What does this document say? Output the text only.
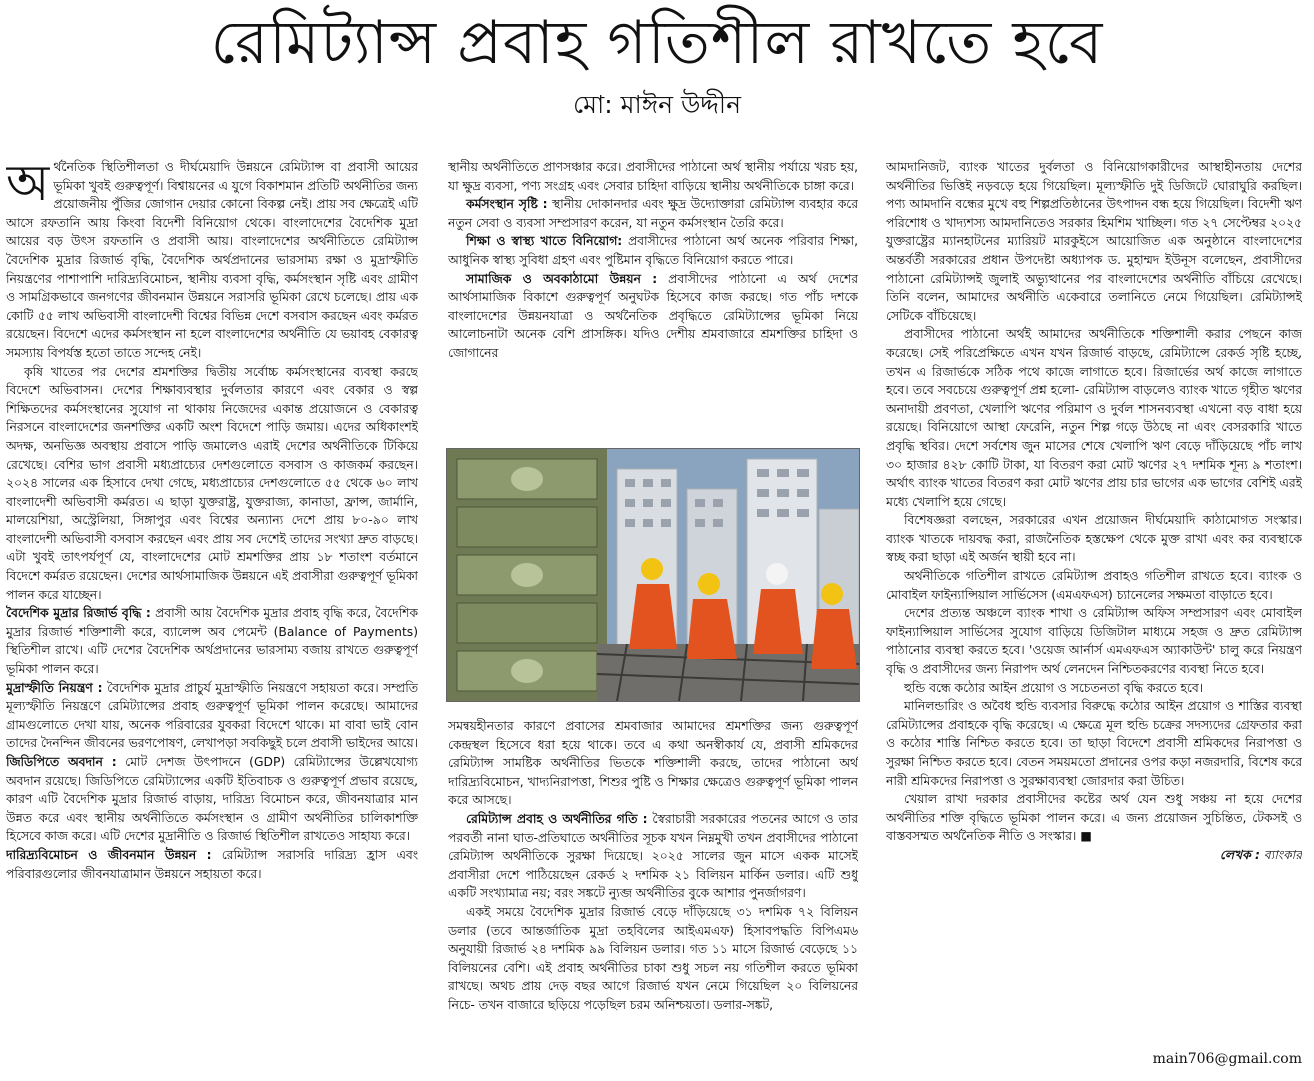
রেমিট্যান্স প্রবাহ গতিশীল রাখতে হবে
মো: মাঈন উদ্দীন

অর্থনৈতিক স্থিতিশীলতা ও দীর্ঘমেয়াদি উন্নয়নে রেমিট্যান্স বা প্রবাসী আয়ের ভূমিকা খুবই গুরুত্বপূর্ণ। বিশ্বায়নের এ যুগে বিকাশমান প্রতিটি অর্থনীতির জন্য প্রয়োজনীয় পুঁজির জোগান দেয়ার কোনো বিকল্প নেই। প্রায় সব ক্ষেত্রেই এটি আসে রফতানি আয় কিংবা বিদেশী বিনিয়োগ থেকে। বাংলাদেশের বৈদেশিক মুদ্রা আয়ের বড় উৎস রফতানি ও প্রবাসী আয়। বাংলাদেশের অর্থনীতিতে রেমিট্যান্স বৈদেশিক মুদ্রার রিজার্ভ বৃদ্ধি, বৈদেশিক অর্থপ্রদানের ভারসাম্য রক্ষা ও মুদ্রাস্ফীতি নিয়ন্ত্রণের পাশাপাশি দারিদ্র্যবিমোচন, স্থানীয় ব্যবসা বৃদ্ধি, কর্মসংস্থান সৃষ্টি এবং গ্রামীণ ও সামগ্রিকভাবে জনগণের জীবনমান উন্নয়নে সরাসরি ভূমিকা রেখে চলেছে। প্রায় এক কোটি ৫৫ লাখ অভিবাসী বাংলাদেশী বিশ্বের বিভিন্ন দেশে বসবাস করছেন এবং কর্মরত রয়েছেন। বিদেশে এদের কর্মসংস্থান না হলে বাংলাদেশের অর্থনীতি যে ভয়াবহ বেকারত্ব সমস্যায় বিপর্যস্ত হতো তাতে সন্দেহ নেই।

কৃষি খাতের পর দেশের শ্রমশক্তির দ্বিতীয় সর্বোচ্চ কর্মসংস্থানের ব্যবস্থা করছে বিদেশে অভিবাসন। দেশের শিক্ষাব্যবস্থার দুর্বলতার কারণে এবং বেকার ও স্বল্প শিক্ষিতদের কর্মসংস্থানের সুযোগ না থাকায় নিজেদের একান্ত প্রয়োজনে ও বেকারত্ব নিরসনে বাংলাদেশের জনশক্তির একটি অংশ বিদেশে পাড়ি জমায়। এদের অধিকাংশই অদক্ষ, অনভিজ্ঞ অবস্থায় প্রবাসে পাড়ি জমালেও এরাই দেশের অর্থনীতিকে টিকিয়ে রেখেছে। বেশির ভাগ প্রবাসী মধ্যপ্রাচ্যের দেশগুলোতে বসবাস ও কাজকর্ম করছেন। ২০২৪ সালের এক হিসাবে দেখা গেছে, মধ্যপ্রাচ্যের দেশগুলোতে ৫৫ থেকে ৬০ লাখ বাংলাদেশী অভিবাসী কর্মরত। এ ছাড়া যুক্তরাষ্ট্র, যুক্তরাজ্য, কানাডা, ফ্রান্স, জার্মানি, মালয়েশিয়া, অস্ট্রেলিয়া, সিঙ্গাপুর এবং বিশ্বের অন্যান্য দেশে প্রায় ৮০-৯০ লাখ বাংলাদেশী অভিবাসী বসবাস করছেন এবং প্রায় সব দেশেই তাদের সংখ্যা দ্রুত বাড়ছে। এটা খুবই তাৎপর্যপূর্ণ যে, বাংলাদেশের মোট শ্রমশক্তির প্রায় ১৮ শতাংশ বর্তমানে বিদেশে কর্মরত রয়েছেন। দেশের আর্থসামাজিক উন্নয়নে এই প্রবাসীরা গুরুত্বপূর্ণ ভূমিকা পালন করে যাচ্ছেন।

বৈদেশিক মুদ্রার রিজার্ভ বৃদ্ধি : প্রবাসী আয় বৈদেশিক মুদ্রার প্রবাহ বৃদ্ধি করে, বৈদেশিক মুদ্রার রিজার্ভ শক্তিশালী করে, ব্যালেন্স অব পেমেন্ট (Balance of Payments) স্থিতিশীল রাখে। এটি দেশের বৈদেশিক অর্থপ্রদানের ভারসাম্য বজায় রাখতে গুরুত্বপূর্ণ ভূমিকা পালন করে।

মুদ্রাস্ফীতি নিয়ন্ত্রণ : বৈদেশিক মুদ্রার প্রাচুর্য মুদ্রাস্ফীতি নিয়ন্ত্রণে সহায়তা করে। সম্প্রতি মূল্যস্ফীতি নিয়ন্ত্রণে রেমিট্যান্সের প্রবাহ গুরুত্বপূর্ণ ভূমিকা পালন করেছে। আমাদের গ্রামগুলোতে দেখা যায়, অনেক পরিবারের যুবকরা বিদেশে থাকে। মা বাবা ভাই বোন তাদের দৈনন্দিন জীবনের ভরণপোষণ, লেখাপড়া সবকিছুই চলে প্রবাসী ভাইদের আয়ে।

জিডিপিতে অবদান : মোট দেশজ উৎপাদনে (GDP) রেমিট্যান্সের উল্লেখযোগ্য অবদান রয়েছে। জিডিপিতে রেমিট্যান্সের একটি ইতিবাচক ও গুরুত্বপূর্ণ প্রভাব রয়েছে, কারণ এটি বৈদেশিক মুদ্রার রিজার্ভ বাড়ায়, দারিদ্র্য বিমোচন করে, জীবনযাত্রার মান উন্নত করে এবং স্থানীয় অর্থনীতিতে কর্মসংস্থান ও গ্রামীণ অর্থনীতির চালিকাশক্তি হিসেবে কাজ করে। এটি দেশের মুদ্রানীতি ও রিজার্ভ স্থিতিশীল রাখতেও সাহায্য করে।

দারিদ্র্যবিমোচন ও জীবনমান উন্নয়ন : রেমিট্যান্স সরাসরি দারিদ্র্য হ্রাস এবং পরিবারগুলোর জীবনযাত্রামান উন্নয়নে সহায়তা করে।

স্থানীয় অর্থনীতিতে প্রাণসঞ্চার করে। প্রবাসীদের পাঠানো অর্থ স্থানীয় পর্যায়ে খরচ হয়, যা ক্ষুদ্র ব্যবসা, পণ্য সংগ্রহ এবং সেবার চাহিদা বাড়িয়ে স্থানীয় অর্থনীতিকে চাঙ্গা করে।

কর্মসংস্থান সৃষ্টি : স্থানীয় দোকানদার এবং ক্ষুদ্র উদ্যোক্তারা রেমিট্যান্স ব্যবহার করে নতুন সেবা ও ব্যবসা সম্প্রসারণ করেন, যা নতুন কর্মসংস্থান তৈরি করে।

শিক্ষা ও স্বাস্থ্য খাতে বিনিয়োগ: প্রবাসীদের পাঠানো অর্থ অনেক পরিবার শিক্ষা, আধুনিক স্বাস্থ্য সুবিধা গ্রহণ এবং পুষ্টিমান বৃদ্ধিতে বিনিয়োগ করতে পারে।

সামাজিক ও অবকাঠামো উন্নয়ন : প্রবাসীদের পাঠানো এ অর্থ দেশের আর্থসামাজিক বিকাশে গুরুত্বপূর্ণ অনুঘটক হিসেবে কাজ করছে। গত পাঁচ দশকে বাংলাদেশের উন্নয়নযাত্রা ও অর্থনৈতিক প্রবৃদ্ধিতে রেমিট্যান্সের ভূমিকা নিয়ে আলোচনাটা অনেক বেশি প্রাসঙ্গিক। যদিও দেশীয় শ্রমবাজারে শ্রমশক্তির চাহিদা ও জোগানের

সমন্বয়হীনতার কারণে প্রবাসের শ্রমবাজার আমাদের শ্রমশক্তির জন্য গুরুত্বপূর্ণ কেন্দ্রস্থল হিসেবে ধরা হয়ে থাকে। তবে এ কথা অনস্বীকার্য যে, প্রবাসী শ্রমিকদের রেমিট্যান্স সামষ্টিক অর্থনীতির ভিতকে শক্তিশালী করছে, তাদের পাঠানো অর্থ দারিদ্র্যবিমোচন, খাদ্যনিরাপত্তা, শিশুর পুষ্টি ও শিক্ষার ক্ষেত্রেও গুরুত্বপূর্ণ ভূমিকা পালন করে আসছে।

রেমিট্যান্স প্রবাহ ও অর্থনীতির গতি : স্বৈরাচারী সরকারের পতনের আগে ও তার পরবর্তী নানা ঘাত-প্রতিঘাতে অর্থনীতির সূচক যখন নিম্নমুখী তখন প্রবাসীদের পাঠানো রেমিট্যান্স অর্থনীতিকে সুরক্ষা দিয়েছে। ২০২৫ সালের জুন মাসে একক মাসেই প্রবাসীরা দেশে পাঠিয়েছেন রেকর্ড ২ দশমিক ২১ বিলিয়ন মার্কিন ডলার। এটি শুধু একটি সংখ্যামাত্র নয়; বরং সঙ্কটে ন্যুব্জ অর্থনীতির বুকে আশার পুনর্জাগরণ।

একই সময়ে বৈদেশিক মুদ্রার রিজার্ভ বেড়ে দাঁড়িয়েছে ৩১ দশমিক ৭২ বিলিয়ন ডলার (তবে আন্তর্জাতিক মুদ্রা তহবিলের আইএমএফ) হিসাবপদ্ধতি বিপিএম৬ অনুযায়ী রিজার্ভ ২৪ দশমিক ৯৯ বিলিয়ন ডলার। গত ১১ মাসে রিজার্ভ বেড়েছে ১১ বিলিয়নের বেশি। এই প্রবাহ অর্থনীতির চাকা শুধু সচল নয় গতিশীল করতে ভূমিকা রাখছে। অথচ প্রায় দেড় বছর আগে রিজার্ভ যখন নেমে গিয়েছিল ২০ বিলিয়নের নিচে- তখন বাজারে ছড়িয়ে পড়েছিল চরম অনিশ্চয়তা। ডলার-সঙ্কট,

আমদানিজট, ব্যাংক খাতের দুর্বলতা ও বিনিয়োগকারীদের আস্থাহীনতায় দেশের অর্থনীতির ভিত্তিই নড়বড়ে হয়ে গিয়েছিল। মূল্যস্ফীতি দুই ডিজিটে ঘোরাঘুরি করছিল। পণ্য আমদানি বন্ধের মুখে বহু শিল্পপ্রতিষ্ঠানের উৎপাদন বন্ধ হয়ে গিয়েছিল। বিদেশী ঋণ পরিশোধ ও খাদ্যশস্য আমদানিতেও সরকার হিমশিম খাচ্ছিল। গত ২৭ সেপ্টেম্বর ২০২৫ যুক্তরাষ্ট্রের ম্যানহাটনের ম্যারিয়ট মারকুইসে আয়োজিত এক অনুষ্ঠানে বাংলাদেশের অন্তর্বর্তী সরকারের প্রধান উপদেষ্টা অধ্যাপক ড. মুহাম্মদ ইউনূস বলেছেন, প্রবাসীদের পাঠানো রেমিট্যান্সই জুলাই অভ্যুত্থানের পর বাংলাদেশের অর্থনীতি বাঁচিয়ে রেখেছে। তিনি বলেন, আমাদের অর্থনীতি একেবারে তলানিতে নেমে গিয়েছিল। রেমিট্যান্সই সেটিকে বাঁচিয়েছে।

প্রবাসীদের পাঠানো অর্থই আমাদের অর্থনীতিকে শক্তিশালী করার পেছনে কাজ করেছে। সেই পরিপ্রেক্ষিতে এখন যখন রিজার্ভ বাড়ছে, রেমিট্যান্সে রেকর্ড সৃষ্টি হচ্ছে, তখন এ রিজার্ভকে সঠিক পথে কাজে লাগাতে হবে। রিজার্ভের অর্থ কাজে লাগাতে হবে। তবে সবচেয়ে গুরুত্বপূর্ণ প্রশ্ন হলো- রেমিট্যান্স বাড়লেও ব্যাংক খাতে গৃহীত ঋণের অনাদায়ী প্রবণতা, খেলাপি ঋণের পরিমাণ ও দুর্বল শাসনব্যবস্থা এখনো বড় বাধা হয়ে রয়েছে। বিনিয়োগে আস্থা ফেরেনি, নতুন শিল্প গড়ে উঠছে না এবং বেসরকারি খাতে প্রবৃদ্ধি স্থবির। দেশে সর্বশেষ জুন মাসের শেষে খেলাপি ঋণ বেড়ে দাঁড়িয়েছে পাঁচ লাখ ৩০ হাজার ৪২৮ কোটি টাকা, যা বিতরণ করা মোট ঋণের ২৭ দশমিক শূন্য ৯ শতাংশ। অর্থাৎ ব্যাংক খাতের বিতরণ করা মোট ঋণের প্রায় চার ভাগের এক ভাগের বেশিই এরই মধ্যে খেলাপি হয়ে গেছে।

বিশেষজ্ঞরা বলছেন, সরকারের এখন প্রয়োজন দীর্ঘমেয়াদি কাঠামোগত সংস্কার। ব্যাংক খাতকে দায়বদ্ধ করা, রাজনৈতিক হস্তক্ষেপ থেকে মুক্ত রাখা এবং কর ব্যবস্থাকে স্বচ্ছ করা ছাড়া এই অর্জন স্থায়ী হবে না।

অর্থনীতিকে গতিশীল রাখতে রেমিট্যান্স প্রবাহও গতিশীল রাখতে হবে। ব্যাংক ও মোবাইল ফাইন্যান্সিয়াল সার্ভিসেস (এমএফএস) চ্যানেলের সক্ষমতা বাড়াতে হবে।

দেশের প্রত্যন্ত অঞ্চলে ব্যাংক শাখা ও রেমিট্যান্স অফিস সম্প্রসারণ এবং মোবাইল ফাইন্যান্সিয়াল সার্ভিসের সুযোগ বাড়িয়ে ডিজিটাল মাধ্যমে সহজ ও দ্রুত রেমিট্যান্স পাঠানোর ব্যবস্থা করতে হবে। 'ওয়েজ আর্নার্স এমএফএস অ্যাকাউন্ট' চালু করে নিয়ন্ত্রণ বৃদ্ধি ও প্রবাসীদের জন্য নিরাপদ অর্থ লেনদেন নিশ্চিতকরণের ব্যবস্থা নিতে হবে।

হুন্ডি বন্ধে কঠোর আইন প্রয়োগ ও সচেতনতা বৃদ্ধি করতে হবে।

মানিলন্ডারিং ও অবৈধ হুন্ডি ব্যবসার বিরুদ্ধে কঠোর আইন প্রয়োগ ও শাস্তির ব্যবস্থা রেমিট্যান্সের প্রবাহকে বৃদ্ধি করেছে। এ ক্ষেত্রে মূল হুন্ডি চক্রের সদস্যদের গ্রেফতার করা ও কঠোর শাস্তি নিশ্চিত করতে হবে। তা ছাড়া বিদেশে প্রবাসী শ্রমিকদের নিরাপত্তা ও সুরক্ষা নিশ্চিত করতে হবে। বেতন সময়মতো প্রদানের ওপর কড়া নজরদারি, বিশেষ করে নারী শ্রমিকদের নিরাপত্তা ও সুরক্ষাব্যবস্থা জোরদার করা উচিত।

খেয়াল রাখা দরকার প্রবাসীদের কষ্টের অর্থ যেন শুধু সঞ্চয় না হয়ে দেশের অর্থনীতির শক্তি বৃদ্ধিতে ভূমিকা পালন করে। এ জন্য প্রয়োজন সুচিন্তিত, টেকসই ও বাস্তবসম্মত অর্থনৈতিক নীতি ও সংস্কার। ■

লেখক : ব্যাংকার

main706@gmail.com
